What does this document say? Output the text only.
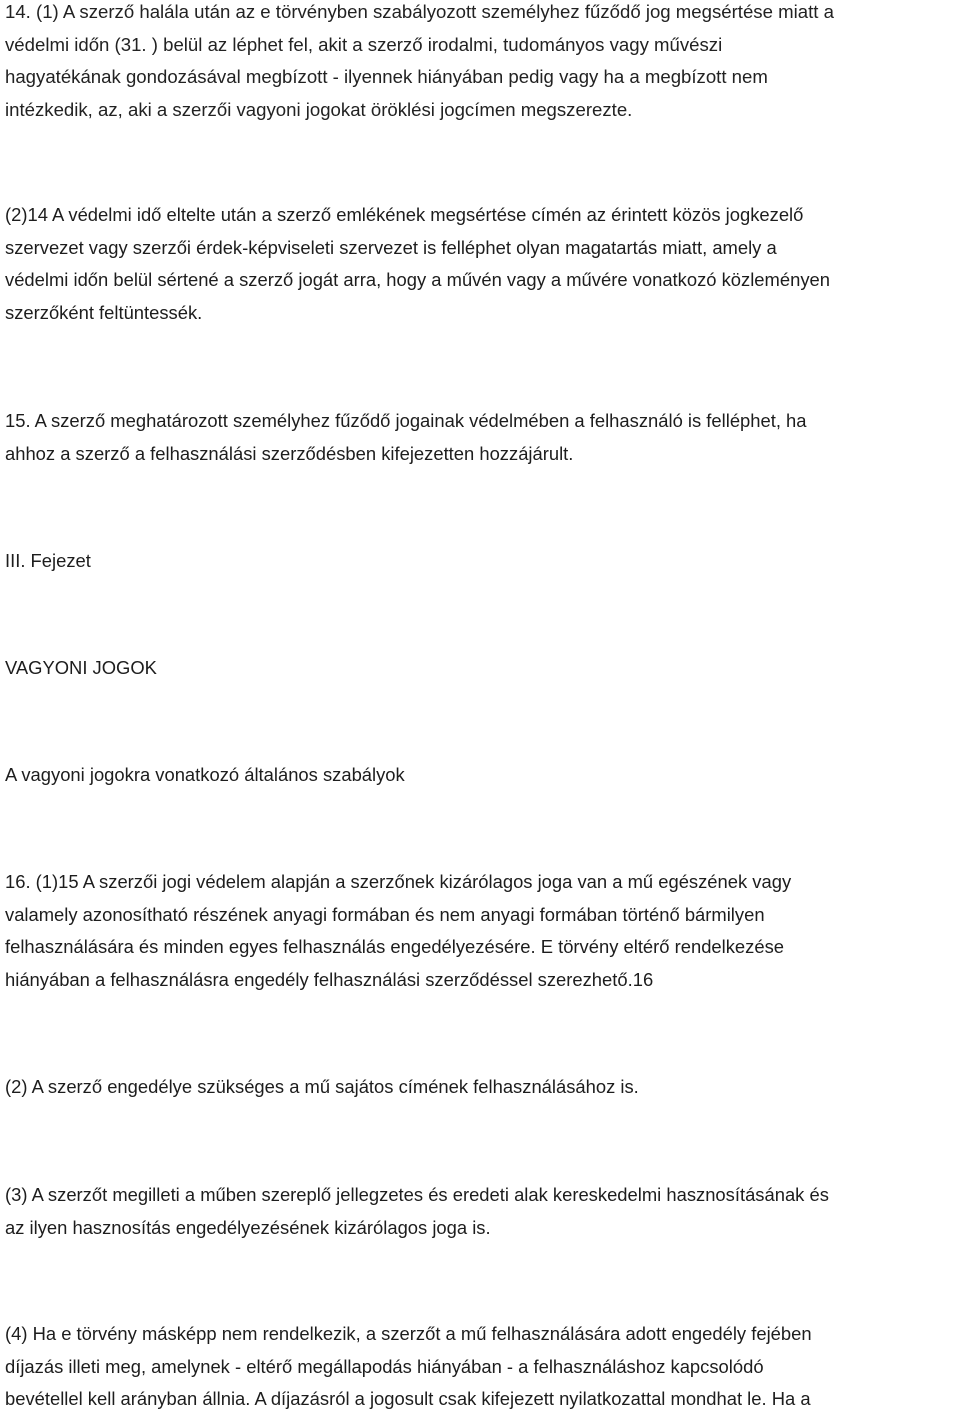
14. (1) A szerző halála után az e törvényben szabályozott személyhez fűződő jog megsértése miatt a
védelmi időn (31. ) belül az léphet fel, akit a szerző irodalmi, tudományos vagy művészi
hagyatékának gondozásával megbízott - ilyennek hiányában pedig vagy ha a megbízott nem
intézkedik, az, aki a szerzői vagyoni jogokat öröklési jogcímen megszerezte.
(2)14 A védelmi idő eltelte után a szerző emlékének megsértése címén az érintett közös jogkezelő
szervezet vagy szerzői érdek-képviseleti szervezet is felléphet olyan magatartás miatt, amely a
védelmi időn belül sértené a szerző jogát arra, hogy a művén vagy a művére vonatkozó közleményen
szerzőként feltüntessék.
15. A szerző meghatározott személyhez fűződő jogainak védelmében a felhasználó is felléphet, ha
ahhoz a szerző a felhasználási szerződésben kifejezetten hozzájárult.
III. Fejezet
VAGYONI JOGOK
A vagyoni jogokra vonatkozó általános szabályok
16. (1)15 A szerzői jogi védelem alapján a szerzőnek kizárólagos joga van a mű egészének vagy
valamely azonosítható részének anyagi formában és nem anyagi formában történő bármilyen
felhasználására és minden egyes felhasználás engedélyezésére. E törvény eltérő rendelkezése
hiányában a felhasználásra engedély felhasználási szerződéssel szerezhető.16
(2) A szerző engedélye szükséges a mű sajátos címének felhasználásához is.
(3) A szerzőt megilleti a műben szereplő jellegzetes és eredeti alak kereskedelmi hasznosításának és
az ilyen hasznosítás engedélyezésének kizárólagos joga is.
(4) Ha e törvény másképp nem rendelkezik, a szerzőt a mű felhasználására adott engedély fejében
díjazás illeti meg, amelynek - eltérő megállapodás hiányában - a felhasználáshoz kapcsolódó
bevétellel kell arányban állnia. A díjazásról a jogosult csak kifejezett nyilatkozattal mondhat le. Ha a
